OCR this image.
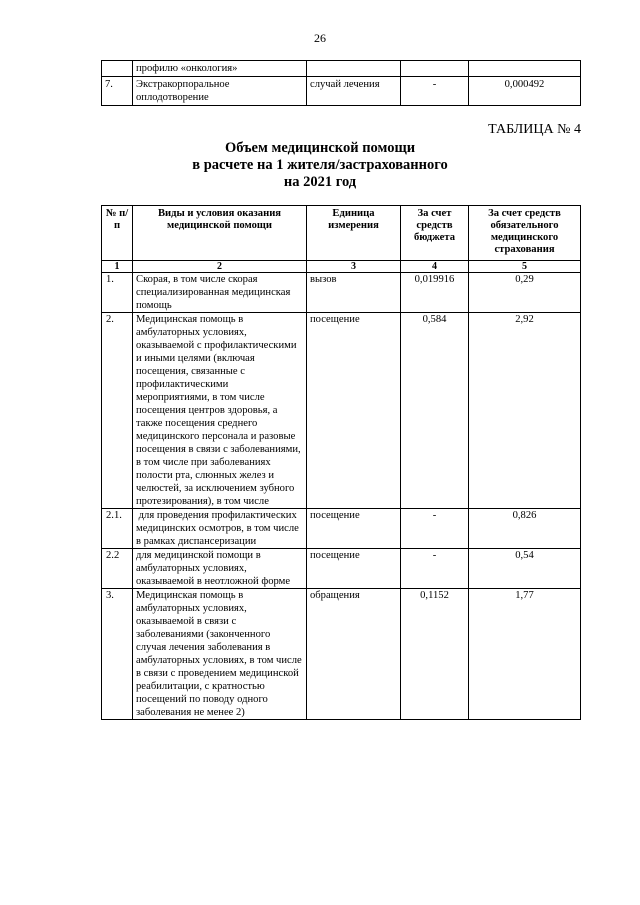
26
	профилю «онкология»			
7.	Экстракорпоральное оплодотворение	случай лечения	-	0,000492
ТАБЛИЦА № 4
Объем медицинской помощи
в расчете на 1 жителя/застрахованного
на 2021 год
№ п/п	Виды и условия оказания медицинской помощи	Единица измерения	За счет средств бюджета	За счет средств обязательного медицинского страхования
1	2	3	4	5
1.	Скорая, в том числе скорая специализированная медицинская помощь	вызов	0,019916	0,29
2.	Медицинская помощь в амбулаторных условиях, оказываемой с профилактическими и иными целями (включая посещения, связанные с профилактическими мероприятиями, в том числе посещения центров здоровья, а также посещения среднего медицинского персонала и разовые посещения в связи с заболеваниями, в том числе при заболеваниях полости рта, слюнных желез и челюстей, за исключением зубного протезирования), в том числе	посещение	0,584	2,92
2.1.	для проведения профилактических медицинских осмотров, в том числе в рамках диспансеризации	посещение	-	0,826
2.2	для медицинской помощи в амбулаторных условиях, оказываемой в неотложной форме	посещение	-	0,54
3.	Медицинская помощь в амбулаторных условиях, оказываемой в связи с заболеваниями (законченного случая лечения заболевания в амбулаторных условиях, в том числе в связи с проведением медицинской реабилитации, с кратностью посещений по поводу одного заболевания не менее 2)	обращения	0,1152	1,77
